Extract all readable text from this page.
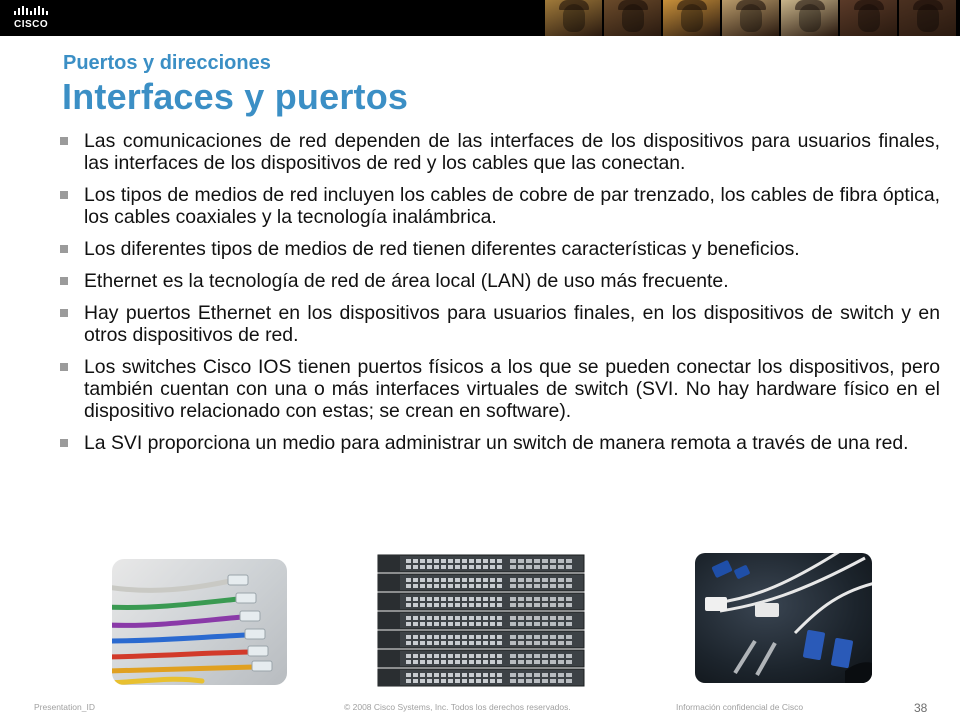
CISCO
Puertos y direcciones
Interfaces y puertos
Las comunicaciones de red dependen de las interfaces de los dispositivos para usuarios finales, las interfaces de los dispositivos de red y los cables que las conectan.
Los tipos de medios de red incluyen los cables de cobre de par trenzado, los cables de fibra óptica, los cables coaxiales y la tecnología inalámbrica.
Los diferentes tipos de medios de red tienen diferentes características y beneficios.
Ethernet es la tecnología de red de área local (LAN) de uso más frecuente.
Hay puertos Ethernet en los dispositivos para usuarios finales, en los dispositivos de switch y en otros dispositivos de red.
Los switches Cisco IOS tienen puertos físicos a los que se pueden conectar los dispositivos, pero también cuentan con una o más interfaces virtuales de switch (SVI. No hay hardware físico en el dispositivo relacionado con estas; se crean en software).
La SVI proporciona un medio para administrar un switch de manera remota a través de una red.
Presentation_ID	© 2008 Cisco Systems, Inc. Todos los derechos reservados.	Información confidencial de Cisco	38
